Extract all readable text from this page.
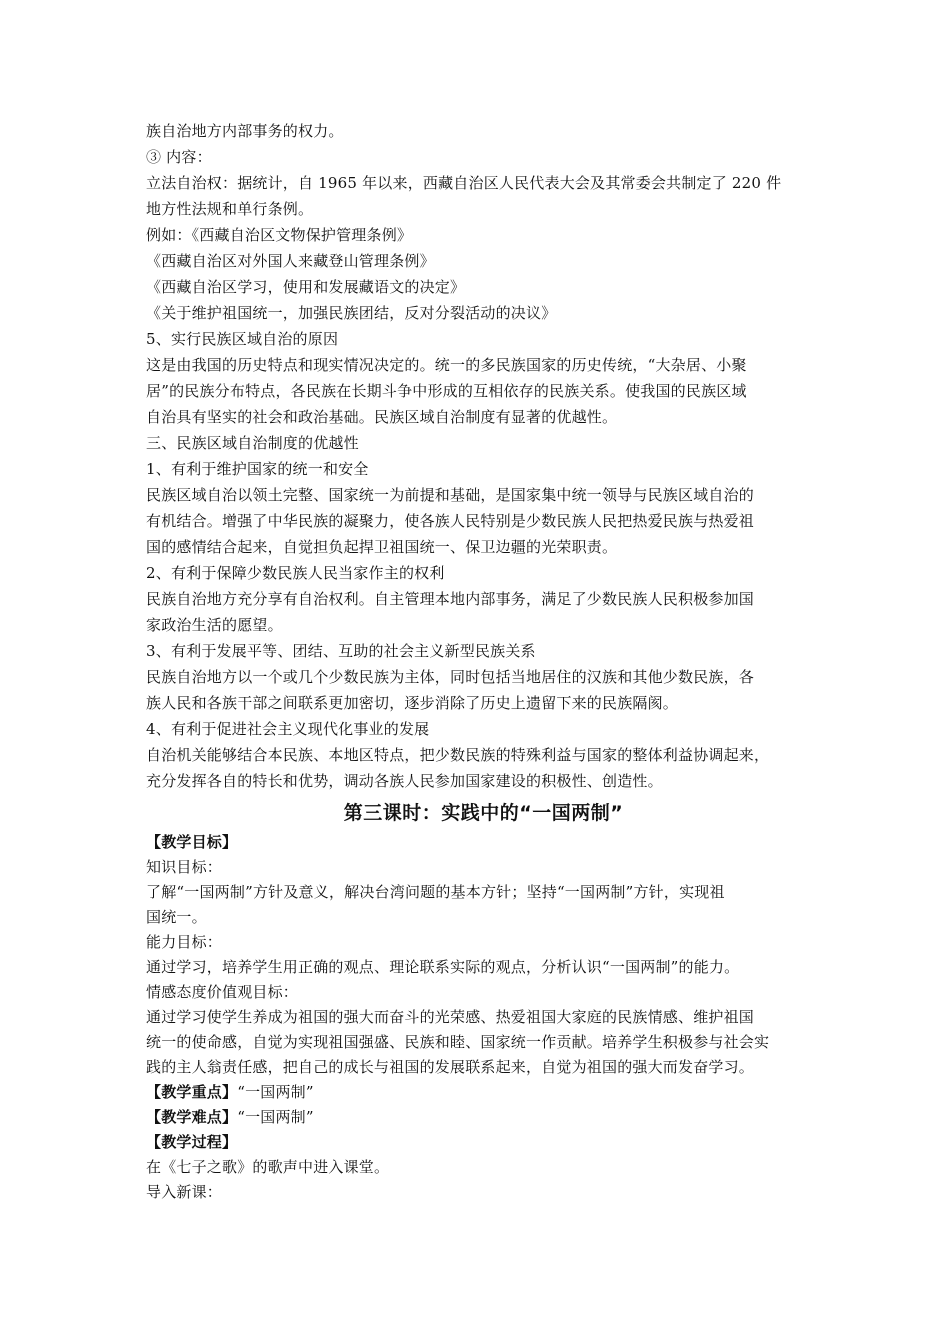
族自治地方内部事务的权力。
③ 内容：
立法自治权：据统计，自 1965 年以来，西藏自治区人民代表大会及其常委会共制定了 220 件
地方性法规和单行条例。
例如：《西藏自治区文物保护管理条例》
《西藏自治区对外国人来藏登山管理条例》
《西藏自治区学习，使用和发展藏语文的决定》
《关于维护祖国统一，加强民族团结，反对分裂活动的决议》
5、实行民族区域自治的原因
这是由我国的历史特点和现实情况决定的。统一的多民族国家的历史传统，“大杂居、小聚
居”的民族分布特点，各民族在长期斗争中形成的互相依存的民族关系。使我国的民族区域
自治具有坚实的社会和政治基础。民族区域自治制度有显著的优越性。
三、民族区域自治制度的优越性
1、有利于维护国家的统一和安全
民族区域自治以领土完整、国家统一为前提和基础，是国家集中统一领导与民族区域自治的
有机结合。增强了中华民族的凝聚力，使各族人民特别是少数民族人民把热爱民族与热爱祖
国的感情结合起来，自觉担负起捍卫祖国统一、保卫边疆的光荣职责。
2、有利于保障少数民族人民当家作主的权利
民族自治地方充分享有自治权利。自主管理本地内部事务，满足了少数民族人民积极参加国
家政治生活的愿望。
3、有利于发展平等、团结、互助的社会主义新型民族关系
民族自治地方以一个或几个少数民族为主体，同时包括当地居住的汉族和其他少数民族，各
族人民和各族干部之间联系更加密切，逐步消除了历史上遗留下来的民族隔阂。
4、有利于促进社会主义现代化事业的发展
自治机关能够结合本民族、本地区特点，把少数民族的特殊利益与国家的整体利益协调起来，
充分发挥各自的特长和优势，调动各族人民参加国家建设的积极性、创造性。
第三课时：实践中的“一国两制”
【教学目标】
知识目标：
了解“一国两制”方针及意义，解决台湾问题的基本方针；坚持“一国两制”方针，实现祖
国统一。
能力目标：
通过学习，培养学生用正确的观点、理论联系实际的观点，分析认识“一国两制”的能力。
情感态度价值观目标：
通过学习使学生养成为祖国的强大而奋斗的光荣感、热爱祖国大家庭的民族情感、维护祖国
统一的使命感，自觉为实现祖国强盛、民族和睦、国家统一作贡献。培养学生积极参与社会实
践的主人翁责任感，把自己的成长与祖国的发展联系起来，自觉为祖国的强大而发奋学习。
【教学重点】“一国两制”
【教学难点】“一国两制”
【教学过程】
在《七子之歌》的歌声中进入课堂。
导入新课：
